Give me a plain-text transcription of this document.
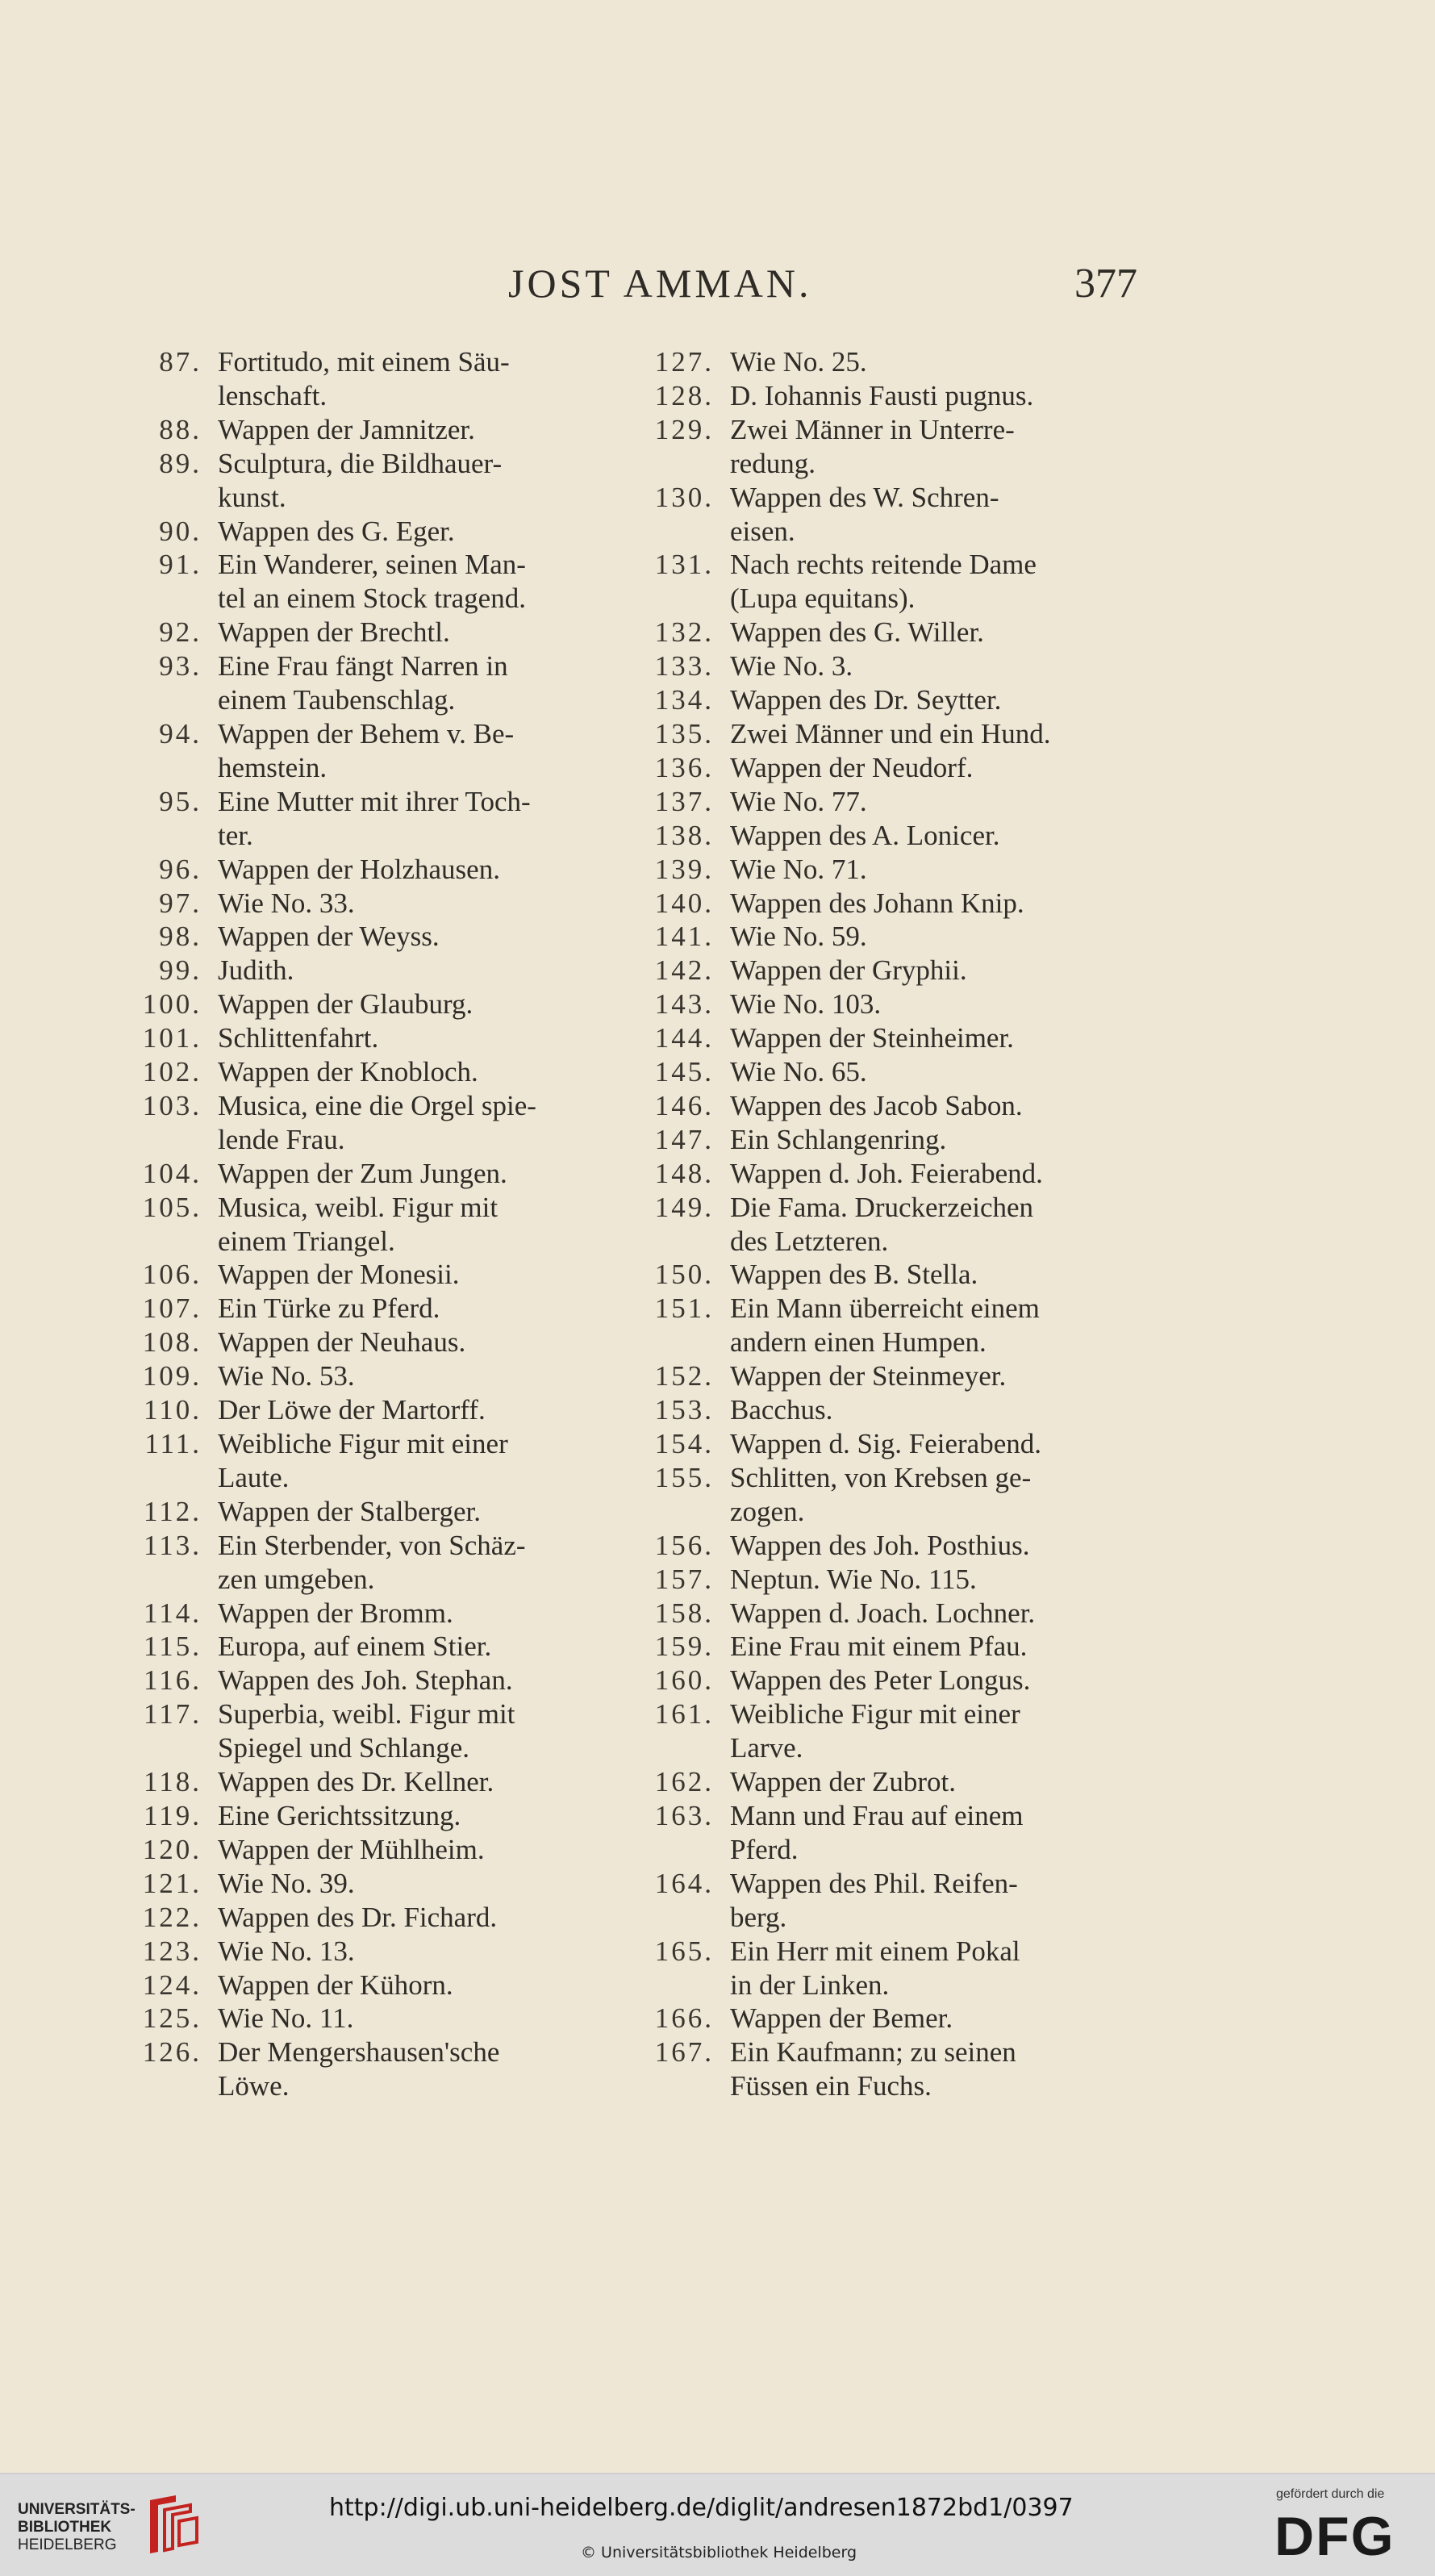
JOST AMMAN.	377
87. Fortitudo, mit einem Säu-
lenschaft.
88. Wappen der Jamnitzer.
89. Sculptura, die Bildhauer-
kunst.
90. Wappen des G. Eger.
91. Ein Wanderer, seinen Man-
tel an einem Stock tragend.
92. Wappen der Brechtl.
93. Eine Frau fängt Narren in
einem Taubenschlag.
94. Wappen der Behem v. Be-
hemstein.
95. Eine Mutter mit ihrer Toch-
ter.
96. Wappen der Holzhausen.
97. Wie No. 33.
98. Wappen der Weyss.
99. Judith.
100. Wappen der Glauburg.
101. Schlittenfahrt.
102. Wappen der Knobloch.
103. Musica, eine die Orgel spie-
lende Frau.
104. Wappen der Zum Jungen.
105. Musica, weibl. Figur mit
einem Triangel.
106. Wappen der Monesii.
107. Ein Türke zu Pferd.
108. Wappen der Neuhaus.
109. Wie No. 53.
110. Der Löwe der Martorff.
111. Weibliche Figur mit einer
Laute.
112. Wappen der Stalberger.
113. Ein Sterbender, von Schäz-
zen umgeben.
114. Wappen der Bromm.
115. Europa, auf einem Stier.
116. Wappen des Joh. Stephan.
117. Superbia, weibl. Figur mit
Spiegel und Schlange.
118. Wappen des Dr. Kellner.
119. Eine Gerichtssitzung.
120. Wappen der Mühlheim.
121. Wie No. 39.
122. Wappen des Dr. Fichard.
123. Wie No. 13.
124. Wappen der Kühorn.
125. Wie No. 11.
126. Der Mengershausen'sche
Löwe.
127. Wie No. 25.
128. D. Iohannis Fausti pugnus.
129. Zwei Männer in Unterre-
redung.
130. Wappen des W. Schren-
eisen.
131. Nach rechts reitende Dame
(Lupa equitans).
132. Wappen des G. Willer.
133. Wie No. 3.
134. Wappen des Dr. Seytter.
135. Zwei Männer und ein Hund.
136. Wappen der Neudorf.
137. Wie No. 77.
138. Wappen des A. Lonicer.
139. Wie No. 71.
140. Wappen des Johann Knip.
141. Wie No. 59.
142. Wappen der Gryphii.
143. Wie No. 103.
144. Wappen der Steinheimer.
145. Wie No. 65.
146. Wappen des Jacob Sabon.
147. Ein Schlangenring.
148. Wappen d. Joh. Feierabend.
149. Die Fama. Druckerzeichen
des Letzteren.
150. Wappen des B. Stella.
151. Ein Mann überreicht einem
andern einen Humpen.
152. Wappen der Steinmeyer.
153. Bacchus.
154. Wappen d. Sig. Feierabend.
155. Schlitten, von Krebsen ge-
zogen.
156. Wappen des Joh. Posthius.
157. Neptun. Wie No. 115.
158. Wappen d. Joach. Lochner.
159. Eine Frau mit einem Pfau.
160. Wappen des Peter Longus.
161. Weibliche Figur mit einer
Larve.
162. Wappen der Zubrot.
163. Mann und Frau auf einem
Pferd.
164. Wappen des Phil. Reifen-
berg.
165. Ein Herr mit einem Pokal
in der Linken.
166. Wappen der Bemer.
167. Ein Kaufmann; zu seinen
Füssen ein Fuchs.
UNIVERSITÄTS-
BIBLIOTHEK
HEIDELBERG
http://digi.ub.uni-heidelberg.de/diglit/andresen1872bd1/0397
© Universitätsbibliothek Heidelberg
gefördert durch die
DFG
